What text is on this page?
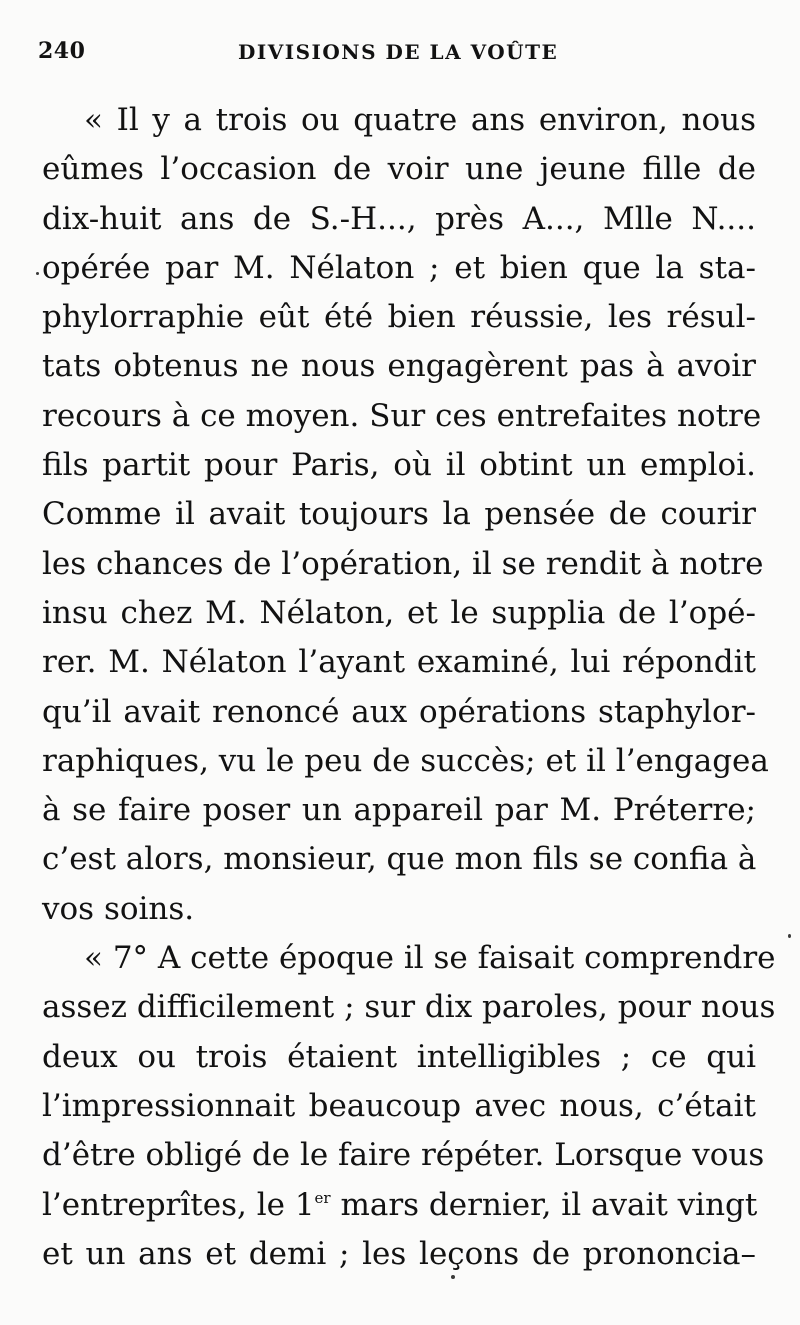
240	DIVISIONS DE LA VOÛTE
« Il y a trois ou quatre ans environ, nous
eûmes l’occasion de voir une jeune fille de
dix-huit ans de S.-H..., près A..., Mlle N....
opérée par M. Nélaton ; et bien que la sta-
phylorraphie eût été bien réussie, les résul-
tats obtenus ne nous engagèrent pas à avoir
recours à ce moyen. Sur ces entrefaites notre
fils partit pour Paris, où il obtint un emploi.
Comme il avait toujours la pensée de courir
les chances de l’opération, il se rendit à notre
insu chez M. Nélaton, et le supplia de l’opé-
rer. M. Nélaton l’ayant examiné, lui répondit
qu’il avait renoncé aux opérations staphylor-
raphiques, vu le peu de succès; et il l’engagea
à se faire poser un appareil par M. Préterre;
c’est alors, monsieur, que mon fils se confia à
vos soins.
« 7° A cette époque il se faisait comprendre
assez difficilement ; sur dix paroles, pour nous
deux ou trois étaient intelligibles ; ce qui
l’impressionnait beaucoup avec nous, c’était
d’être obligé de le faire répéter. Lorsque vous
l’entreprîtes, le 1er mars dernier, il avait vingt
et un ans et demi ; les leçons de prononcia–
